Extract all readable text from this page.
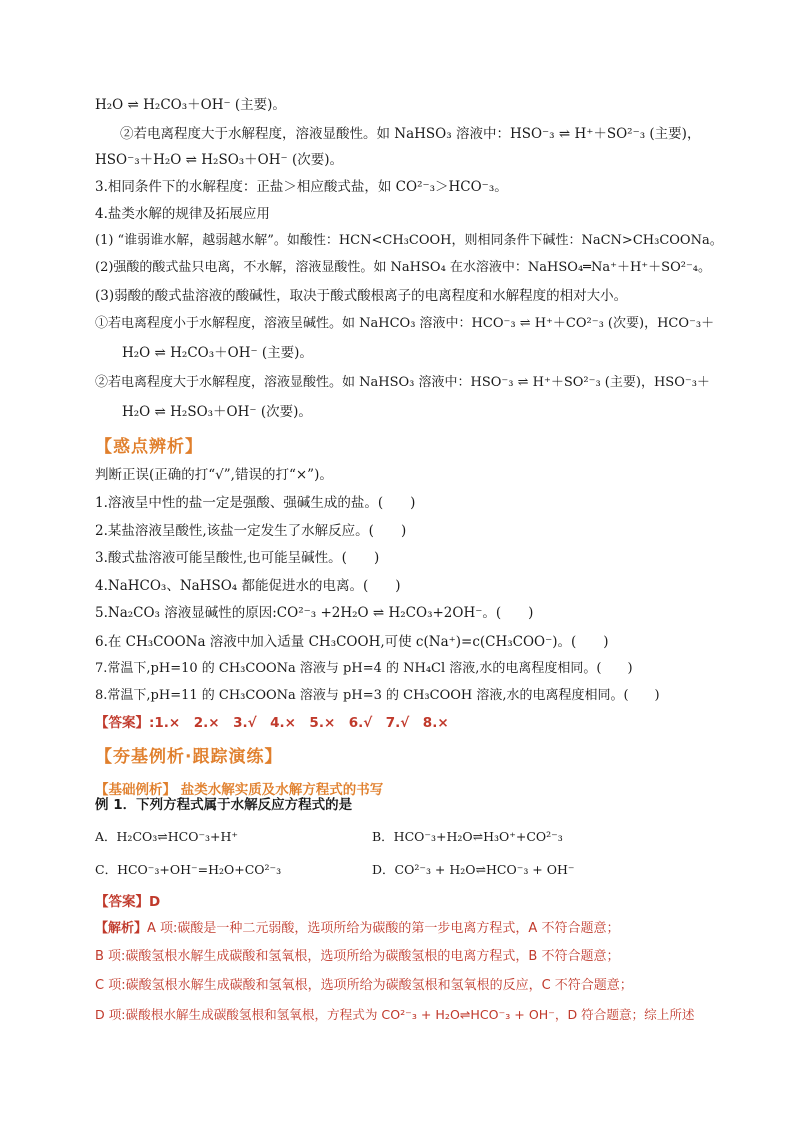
H₂O ⇌ H₂CO₃＋OH⁻ (主要)。
②若电离程度大于水解程度，溶液显酸性。如 NaHSO₃ 溶液中：HSO⁻₃ ⇌ H⁺＋SO²⁻₃ (主要)，
HSO⁻₃＋H₂O ⇌ H₂SO₃＋OH⁻ (次要)。
3.相同条件下的水解程度：正盐＞相应酸式盐，如 CO²⁻₃＞HCO⁻₃。
4.盐类水解的规律及拓展应用
(1) “谁弱谁水解，越弱越水解”。如酸性：HCN<CH₃COOH，则相同条件下碱性：NaCN>CH₃COONa。
(2)强酸的酸式盐只电离，不水解，溶液显酸性。如 NaHSO₄ 在水溶液中：NaHSO₄═Na⁺＋H⁺＋SO²⁻₄。
(3)弱酸的酸式盐溶液的酸碱性，取决于酸式酸根离子的电离程度和水解程度的相对大小。
①若电离程度小于水解程度，溶液呈碱性。如 NaHCO₃ 溶液中：HCO⁻₃ ⇌ H⁺＋CO²⁻₃ (次要)，HCO⁻₃＋
H₂O ⇌ H₂CO₃＋OH⁻ (主要)。
②若电离程度大于水解程度，溶液显酸性。如 NaHSO₃ 溶液中：HSO⁻₃ ⇌ H⁺＋SO²⁻₃ (主要)，HSO⁻₃＋
H₂O ⇌ H₂SO₃＋OH⁻ (次要)。
【惑点辨析】
判断正误(正确的打“√”,错误的打“×”)。
1.溶液呈中性的盐一定是强酸、强碱生成的盐。(　　)
2.某盐溶液呈酸性,该盐一定发生了水解反应。(　　)
3.酸式盐溶液可能呈酸性,也可能呈碱性。(　　)
4.NaHCO₃、NaHSO₄ 都能促进水的电离。(　　)
5.Na₂CO₃ 溶液显碱性的原因:CO²⁻₃ +2H₂O ⇌ H₂CO₃+2OH⁻。(　　)
6.在 CH₃COONa 溶液中加入适量 CH₃COOH,可使 c(Na⁺)=c(CH₃COO⁻)。(　　)
7.常温下,pH=10 的 CH₃COONa 溶液与 pH=4 的 NH₄Cl 溶液,水的电离程度相同。(　　)
8.常温下,pH=11 的 CH₃COONa 溶液与 pH=3 的 CH₃COOH 溶液,水的电离程度相同。(　　)
【答案】:1.×　2.×　3.√　4.×　5.×　6.√　7.√　8.×
【夯基例析·跟踪演练】
【基础例析】 盐类水解实质及水解方程式的书写
例 1．下列方程式属于水解反应方程式的是
A．H₂CO₃⇌HCO⁻₃+H⁺	B．HCO⁻₃+H₂O⇌H₃O⁺+CO²⁻₃
C．HCO⁻₃+OH⁻=H₂O+CO²⁻₃	D．CO²⁻₃ + H₂O⇌HCO⁻₃ + OH⁻
【答案】D
【解析】A 项:碳酸是一种二元弱酸，选项所给为碳酸的第一步电离方程式，A 不符合题意；
B 项:碳酸氢根水解生成碳酸和氢氧根，选项所给为碳酸氢根的电离方程式，B 不符合题意；
C 项:碳酸氢根水解生成碳酸和氢氧根，选项所给为碳酸氢根和氢氧根的反应，C 不符合题意；
D 项:碳酸根水解生成碳酸氢根和氢氧根，方程式为 CO²⁻₃ + H₂O⇌HCO⁻₃ + OH⁻，D 符合题意；综上所述
